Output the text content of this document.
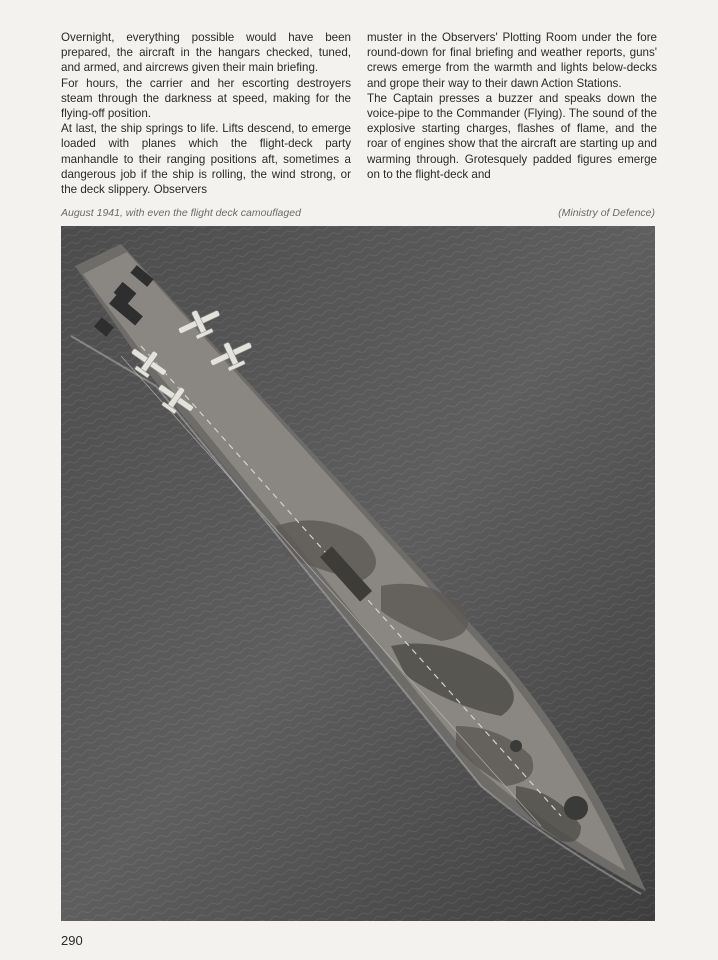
Overnight, everything possible would have been prepared, the aircraft in the hangars checked, tuned, and armed, and aircrews given their main briefing.

For hours, the carrier and her escorting destroyers steam through the darkness at speed, making for the flying-off position.

At last, the ship springs to life. Lifts descend, to emerge loaded with planes which the flight-deck party manhandle to their ranging positions aft, sometimes a dangerous job if the ship is rolling, the wind strong, or the deck slippery. Observers

muster in the Observers' Plotting Room under the fore round-down for final briefing and weather reports, guns' crews emerge from the warmth and lights below-decks and grope their way to their dawn Action Stations.

The Captain presses a buzzer and speaks down the voice-pipe to the Commander (Flying). The sound of the explosive starting charges, flashes of flame, and the roar of engines show that the aircraft are starting up and warming through. Grotesquely padded figures emerge on to the flight-deck and

August 1941, with even the flight deck camouflaged	(Ministry of Defence)
290
